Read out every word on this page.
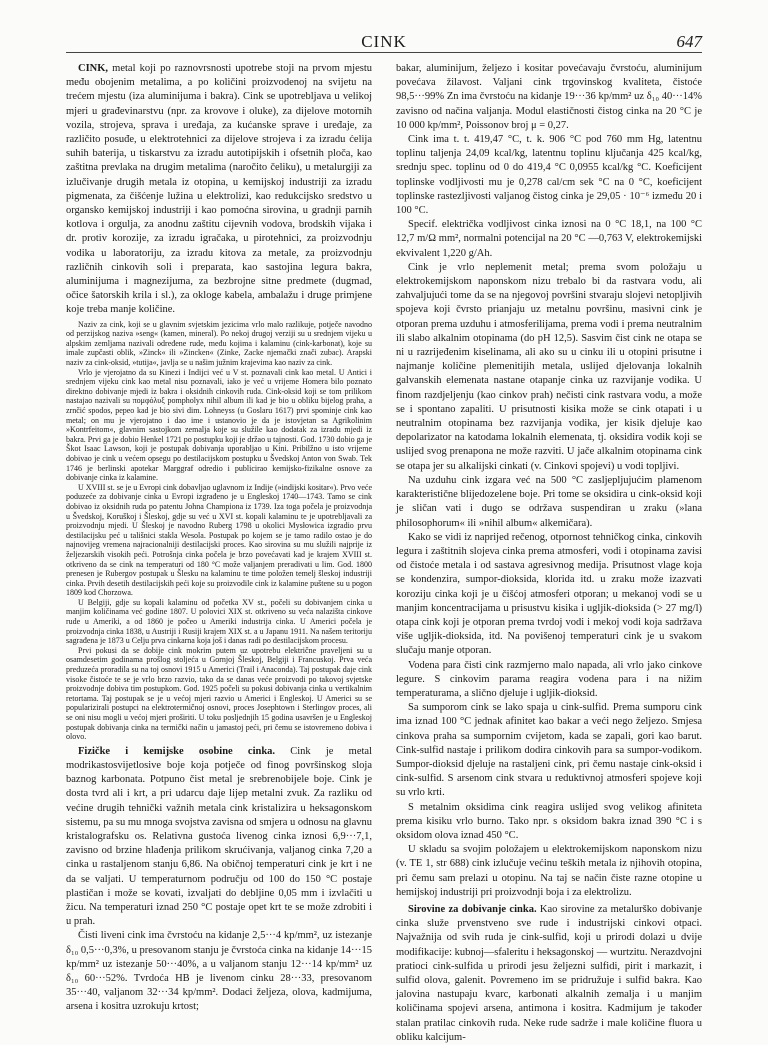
CINK	647

CINK, metal koji po raznovrsnosti upotrebe stoji na prvom mjestu među obojenim metalima, a po količini proizvodenoj na svijetu na trećem mjestu (iza aluminijuma i bakra). Cink se upotrebljava u velikoj mjeri u građevinarstvu (npr. za krovove i oluke), za dijelove motornih vozila, strojeva, sprava i uređaja, za kućanske sprave i uređaje, za različito posuđe, u elektrotehnici za dijelove strojeva i za izradu ćelija suhih baterija, u tiskarstvu za izradu autotipijskih i ofsetnih ploča, kao zaštitna prevlaka na drugim metalima (naročito čeliku), u metalurgiji za izlučivanje drugih metala iz otopina, u kemijskoj industriji za izradu pigmenata, za čišćenje lužina u elektrolizi, kao redukcijsko sredstvo u organsko kemijskoj industriji i kao pomoćna sirovina, u gradnji parnih kotlova i orgulja, za anodnu zaštitu cijevnih vodova, brodskih vijaka i dr. protiv korozije, za izradu igračaka, u pirotehnici, za proizvodnju vodika u laboratoriju, za izradu kitova za metale, za proizvodnju različnih cinkovih soli i preparata, kao sastojina legura bakra, aluminijuma i magnezijuma, za bezbrojne sitne predmete (dugmad, očice šatorskih krila i sl.), za okloge kabela, ambalažu i druge primjene koje treba manje količine.

Naziv za cink, koji se u glavnim svjetskim jezicima vrlo malo razlikuje, potječe navodno od perzijskog naziva »seng« (kamen, mineral). Po nekoj drugoj verziji su u srednjem vijeku u alpskim zemljama nazivali određene rude, među kojima i kalaminu (cink-karbonat), koje su imale zupčasti oblik, »Zinck« ili »Zincken« (Zinke, Zacke njemački znači zubac). Arapski naziv za cink-oksid, »tutija«, javlja se u našim južnim krajevima kao naziv za cink.

Vrlo je vjerojatno da su Kinezi i Indijci već u V st. poznavali cink kao metal. U Antici i srednjem vijeku cink kao metal nisu poznavali, iako je već u vrijeme Homera bilo poznato direktno dobivanje mjedi iz bakra i oksidnih cinkovih ruda. Cink-oksid koji se tom prilikom nastajao nazivali su πομφόλυξ pompholyx nihil album ili kad je bio u obliku bijelog praha, a zrnčić spodos, pepeo kad je bio sivi dim. Lohneyss (u Goslaru 1617) prvi spominje cink kao metal; on mu je vjerojatno i dao ime i ustanovio je da je istovjetan sa Agrikolinim »Kontrfeitom«, glavnim sastojkom zemalja koje su služile kao dodatak za izradu mjedi iz bakra. Prvi ga je dobio Henkel 1721 po postupku koji je držao u tajnosti. God. 1730 dobio ga je Škot Isaac Lawson, koji je postupak dobivanja uporabljao u Kini. Pribilžno u isto vrijeme dobivao je cink u većem opsegu po destilacijskom postupku u Švedskoj Anton von Swab. Tek 1746 je berlinski apotekar Marggraf odredio i publicirao kemijsko-fizikalne osnove za dobivanje cinka iz kalamine.

U XVIII st. se je u Evropi cink dobavljao uglavnom iz Indije (»indijski kositar«). Prvo veće poduzeće za dobivanje cinka u Evropi izgrađeno je u Engleskoj 1740—1743. Tamo se cink dobivao iz oksidnih ruda po patentu Johna Championa iz 1739. Iza toga počela je proizvodnja u Švedskoj, Koruškoj i Šleskoj, gdje su već u XVI st. kopali kalaminu te je upotrebljavali za proizvodnju mjedi. U Šleskoj je navodno Ruberg 1798 u okolici Mysłowica izgradio prvu destilacijsku peć u tališnici stakla Wesola. Postupak po kojem se je tamo radilo ostao je do najnovijeg vremena najracionalniji destilacijski proces. Kao sirovina su mu služili najprije iz željezarskih visokih peći. Potrošnja cinka počela je brzo povećavati kad je krajem XVIII st. otkriveno da se cink na temperaturi od 180 °C može valjanjem preradivati u lim. God. 1800 prenesen je Rubergov postupak u Šlesku na kalaminu te time položen temelj šleskoj industriji cinka. Prvih desetih destilacijskih peći koje su proizvodile cink iz kalamine puštene su u pogon 1809 kod Chorzowa.

U Belgiji, gdje su kopali kalaminu od početka XV st., počeli su dobivanjem cinka u manjim količinama već godine 1807. U polovici XIX st. otkriveno su veća nalazišta cinkove rude u Ameriki, a od 1860 je počeo u Ameriki industrija cinka. U Americi počela je proizvodnja cinka 1838, u Austriji i Rusiji krajem XIX st. a u Japanu 1911. Na našem teritoriju sagrađena je 1873 u Celju prva cinkarna koja još i danas radi po destilacijskom procesu.

Prvi pokusi da se dobije cink mokrim putem uz upotrebu električne praveljeni su u osamdesetim godinama prošlog stoljeća u Gornjoj Šleskoj, Belgiji i Francuskoj. Prva veća preduzeća proradila su na toj osnovi 1915 u Americi (Trail i Anaconda). Taj postupak daje cink visoke čistoće te se je vrlo brzo razvio, tako da se danas veće proizvodi po takovoj svjetske proizvodnje dobiva tim postupkom. God. 1925 počeli su pokusi dobivanja cinka u vertikalnim retortama. Taj postupak se je u većoj mjeri razvio u Americi i Engleskoj. U Americi su se popularizirali postupci na elektrotermičnoj osnovi, proces Josephtown i Sterlingov proces, ali se oni nisu mogli u većoj mjeri proširiti. U toku posljednjih 15 godina usavršen je u Engleskoj postupak dobivanja cinka na termički način u jamastoj peći, pri čemu se istovremeno dobiva i olovo.

Fizičke i kemijske osobine cinka. Cink je metal modrikastosvijetlosive boje koja potječe od finog površinskog sloja baznog karbonata. Potpuno čist metal je srebrenobijele boje. Cink je dosta tvrd ali i krt, a pri udarcu daje lijep metalni zvuk. Za razliku od većine drugih tehnički važnih metala cink kristalizira u heksagonskom sistemu, pa su mu mnoga svojstva zavisna od smjera u odnosu na glavnu kristalografsku os. Relativna gustoća livenog cinka iznosi 6,9···7,1, zavisno od brzine hlađenja prilikom skrućivanja, valjanog cinka 7,20 a cinka u rastaljenom stanju 6,86. Na običnoj temperaturi cink je krt i ne da se valjati. U temperaturnom području od 100 do 150 °C postaje plastičan i može se kovati, izvaljati do debljine 0,05 mm i izvlačiti u žicu. Na temperaturi iznad 250 °C postaje opet krt te se može zdrobiti i u prah.

Čisti liveni cink ima čvrstoću na kidanje 2,5···4 kp/mm², uz istezanje δ₁₀ 0,5···0,3%, u presovanom stanju je čvrstoća cinka na kidanje 14···15 kp/mm² uz istezanje 50···40%, a u valjanom stanju 12···14 kp/mm² uz δ₁₀ 60···52%. Tvrdoća HB je livenom cinku 28···33, presovanom 35···40, valjanom 32···34 kp/mm². Dodaci željeza, olova, kadmijuma, arsena i kositra uzrokuju krtost;

bakar, aluminijum, željezo i kositar povećavaju čvrstoću, aluminijum povećava žilavost. Valjani cink trgovinskog kvaliteta, čistoće 98,5···99% Zn ima čvrstoću na kidanje 19···36 kp/mm² uz δ₁₀ 40···14% zavisno od načina valjanja. Modul elastičnosti čistog cinka na 20 °C je 10 000 kp/mm², Poissonov broj μ = 0,27.

Cink ima t. t. 419,47 °C, t. k. 906 °C pod 760 mm Hg, latentnu toplinu taljenja 24,09 kcal/kg, latentnu toplinu ključanja 425 kcal/kg, srednju spec. toplinu od 0 do 419,4 °C 0,0955 kcal/kg °C. Koeficijent toplinske vodljivosti mu je 0,278 cal/cm sek °C na 0 °C, koeficijent toplinske rastezljivosti valjanog čistog cinka je 29,05 · 10⁻⁶ između 20 i 100 °C.

Specif. električka vodljivost cinka iznosi na 0 °C 18,1, na 100 °C 12,7 m/Ω mm², normalni potencijal na 20 °C —0,763 V, elektrokemijski ekvivalent 1,220 g/Ah.

Cink je vrlo neplemenit metal; prema svom položaju u elektrokemijskom naponskom nizu trebalo bi da rastvara vodu, ali zahvaljujući tome da se na njegovoj površini stvaraju slojevi netopljivih spojeva koji čvrsto prianjaju uz metalnu površinu, masivni cink je otporan prema uzduhu i atmosferilijama, prema vodi i prema neutralnim ili slabo alkalnim otopinama (do pH 12,5). Sasvim čist cink ne otapa se ni u razrijeđenim kiselinama, ali ako su u cinku ili u otopini prisutne i najmanje količine plemenitijih metala, uslijed djelovanja lokalnih galvanskih elemenata nastane otapanje cinka uz razvijanje vodika. U finom razdjeljenju (kao cinkov prah) nečisti cink rastvara vodu, a može se i spontano zapaliti. U prisutnosti kisika može se cink otapati i u neutralnim otopinama bez razvijanja vodika, jer kisik djeluje kao depolarizator na katodama lokalnih elemenata, tj. oksidira vodik koji se uslijed svog prenapona ne može razviti. U jače alkalnim otopinama cink se otapa jer su alkalijski cinkati (v. Cinkovi spojevi) u vodi topljivi.

Na uzduhu cink izgara već na 500 °C zasljepljujućim plamenom karakterističnе blijedozelene boje. Pri tome se oksidira u cink-oksid koji je sličan vati i dugo se održava suspendiran u zraku (»lana philosophorum« ili »nihil album« alkemičara).

Kako se vidi iz naprijed rečenog, otpornost tehničkog cinka, cinkovih legura i zaštitnih slojeva cinka prema atmosferi, vodi i otopinama zavisi od čistoće metala i od sastava agresivnog medija. Prisutnost vlage koja se kondenzira, sumpor-dioksida, klorida itd. u zraku može izazvati koroziju cinka koji je u čišćoj atmosferi otporan; u mekanoj vodi se u manjim koncentracijama u prisustvu kisika i ugljik-dioksida (> 27 mg/l) otapa cink koji je otporan prema tvrdoj vodi i mekoj vodi koja sadržava više ugljik-dioksida, itd. Na povišenoj temperaturi cink je u svakom slučaju manje otporan.

Vodena para čisti cink razmjerno malo napada, ali vrlo jako cinkove legure. S cinkovim parama reagira vodena para i na nižim temperaturama, a slično djeluje i ugljik-dioksid.

Sa sumporom cink se lako spaja u cink-sulfid. Prema sumporu cink ima iznad 100 °C jednak afinitet kao bakar a veći nego željezo. Smjesa cinkova praha sa sumpornim cvijetom, kada se zapali, gori kao barut. Cink-sulfid nastaje i prilikom dodira cinkovih para sa sumpor-vodikom. Sumpor-dioksid djeluje na rastaljeni cink, pri čemu nastaje cink-oksid i cink-sulfid. S arsenom cink stvara u reduktivnoj atmosferi spojeve koji su vrlo krti.

S metalnim oksidima cink reagira uslijed svog velikog afiniteta prema kisiku vrlo burno. Tako npr. s oksidom bakra iznad 390 °C i s oksidom olova iznad 450 °C.

U skladu sa svojim položajem u elektrokemijskom naponskom nizu (v. TE 1, str 688) cink izlučuje većinu teških metala iz njihovih otopina, pri čemu sam prelazi u otopinu. Na taj se način čiste razne otopine u hemijskoj industriji pri proizvodnji boja i za elektrolizu.

Sirovine za dobivanje cinka. Kao sirovine za metalurško dobivanje cinka služe prvenstveno sve rude i industrijski cinkovi otpaci. Najvažnija od svih ruda je cink-sulfid, koji u prirodi dolazi u dvije modifikacije: kubnoj—sfaleritu i heksagonskoj — wurtzitu. Nerazdvojni pratioci cink-sulfida u prirodi jesu željezni sulfidi, pirit i markazit, i sulfid olova, galenit. Povremeno im se pridružuje i sulfid bakra. Kao jalovina nastupaju kvarc, karbonati alkalnih zemalja i u manjim količinama spojevi arsena, antimona i kositra. Kadmijum je također stalan pratilac cinkovih ruda. Neke rude sadrže i male količine fluora u obliku kalcijum-
